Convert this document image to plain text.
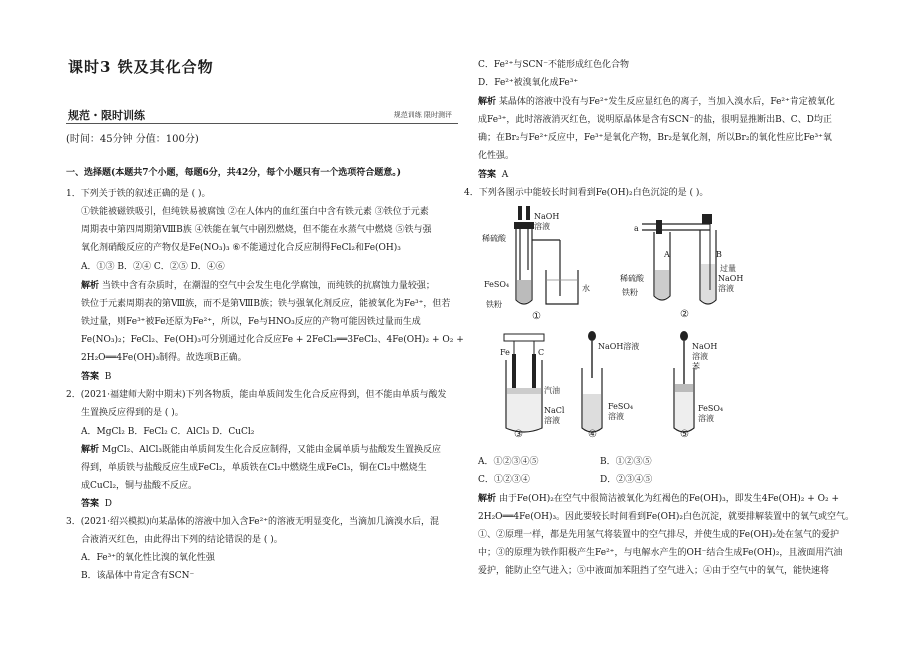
课时3 铁及其化合物
规范・限时训练	规范训练 限时测评
(时间：45分钟 分值：100分)
一、选择题(本题共7个小题，每题6分，共42分，每个小题只有一个选项符合题意。)
1．下列关于铁的叙述正确的是 ( )。
①铁能被磁铁吸引，但纯铁易被腐蚀 ②在人体内的血红蛋白中含有铁元素 ③铁位于元素
周期表中第四周期第ⅧB族 ④铁能在氧气中剧烈燃烧，但不能在水蒸气中燃烧 ⑤铁与强
氧化剂硝酸反应的产物仅是Fe(NO₃)₃ ⑥不能通过化合反应制得FeCl₂和Fe(OH)₃
A．①③ B．②④ C．②⑤ D．④⑥
解析 当铁中含有杂质时，在潮湿的空气中会发生电化学腐蚀，而纯铁的抗腐蚀力量较强；
铁位于元素周期表的第Ⅷ族，而不是第ⅧB族；铁与强氧化剂反应，能被氧化为Fe³⁺，但若
铁过量，则Fe³⁺被Fe还原为Fe²⁺，所以，Fe与HNO₃反应的产物可能因铁过量而生成
Fe(NO₃)₂；FeCl₂、Fe(OH)₃可分别通过化合反应Fe + 2FeCl₃══3FeCl₂、4Fe(OH)₂ + O₂ +
2H₂O══4Fe(OH)₃制得。故选项B正确。
答案 B
2．(2021·福建师大附中期末)下列各物质，能由单质间发生化合反应得到，但不能由单质与酸发
生置换反应得到的是 ( )。
A．MgCl₂ B．FeCl₂ C．AlCl₃ D．CuCl₂
解析 MgCl₂、AlCl₃既能由单质间发生化合反应制得，又能由金属单质与盐酸发生置换反应
得到，单质铁与盐酸反应生成FeCl₂，单质铁在Cl₂中燃烧生成FeCl₃，铜在Cl₂中燃烧生
成CuCl₂，铜与盐酸不反应。
答案 D
3．(2021·绍兴模拟)向某晶体的溶液中加入含Fe²⁺的溶液无明显变化，当滴加几滴溴水后，混
合液消灭红色，由此得出下列的结论错误的是 ( )。
A．Fe³⁺的氧化性比溴的氧化性强
B．该晶体中肯定含有SCN⁻
C．Fe²⁺与SCN⁻不能形成红色化合物
D．Fe²⁺被溴氧化成Fe³⁺
解析 某晶体的溶液中没有与Fe²⁺发生反应显红色的离子，当加入溴水后，Fe²⁺肯定被氧化
成Fe³⁺，此时溶液消灭红色，说明原晶体是含有SCN⁻的盐，很明显推断出B、C、D均正
确；在Br₂与Fe²⁺反应中，Fe³⁺是氧化产物，Br₂是氧化剂，所以Br₂的氧化性应比Fe³⁺氧
化性强。
答案 A
4．下列各图示中能较长时间看到Fe(OH)₂白色沉淀的是 ( )。
NaOH
溶液
稀硫酸
FeSO₄
铁粉
水
①
a
A	B
稀硫酸
铁粉
过量
NaOH
溶液
②
Fe	C
汽油
NaCl
溶液
③
NaOH溶液
FeSO₄
溶液
④
NaOH
溶液
苯
FeSO₄
溶液
⑤
A．①②③④⑤	B．①②③⑤
C．①②③④	D．②③④⑤
解析 由于Fe(OH)₂在空气中很简洁被氧化为红褐色的Fe(OH)₃，即发生4Fe(OH)₂ + O₂ +
2H₂O══4Fe(OH)₃。因此要较长时间看到Fe(OH)₂白色沉淀，就要排解装置中的氧气或空气。
①、②原理一样，都是先用氢气将装置中的空气排尽，并使生成的Fe(OH)₂处在氢气的爱护
中；③的原理为铁作阳极产生Fe²⁺，与电解水产生的OH⁻结合生成Fe(OH)₂，且液面用汽油
爱护，能防止空气进入；⑤中液面加苯阻挡了空气进入；④由于空气中的氧气，能快速将
